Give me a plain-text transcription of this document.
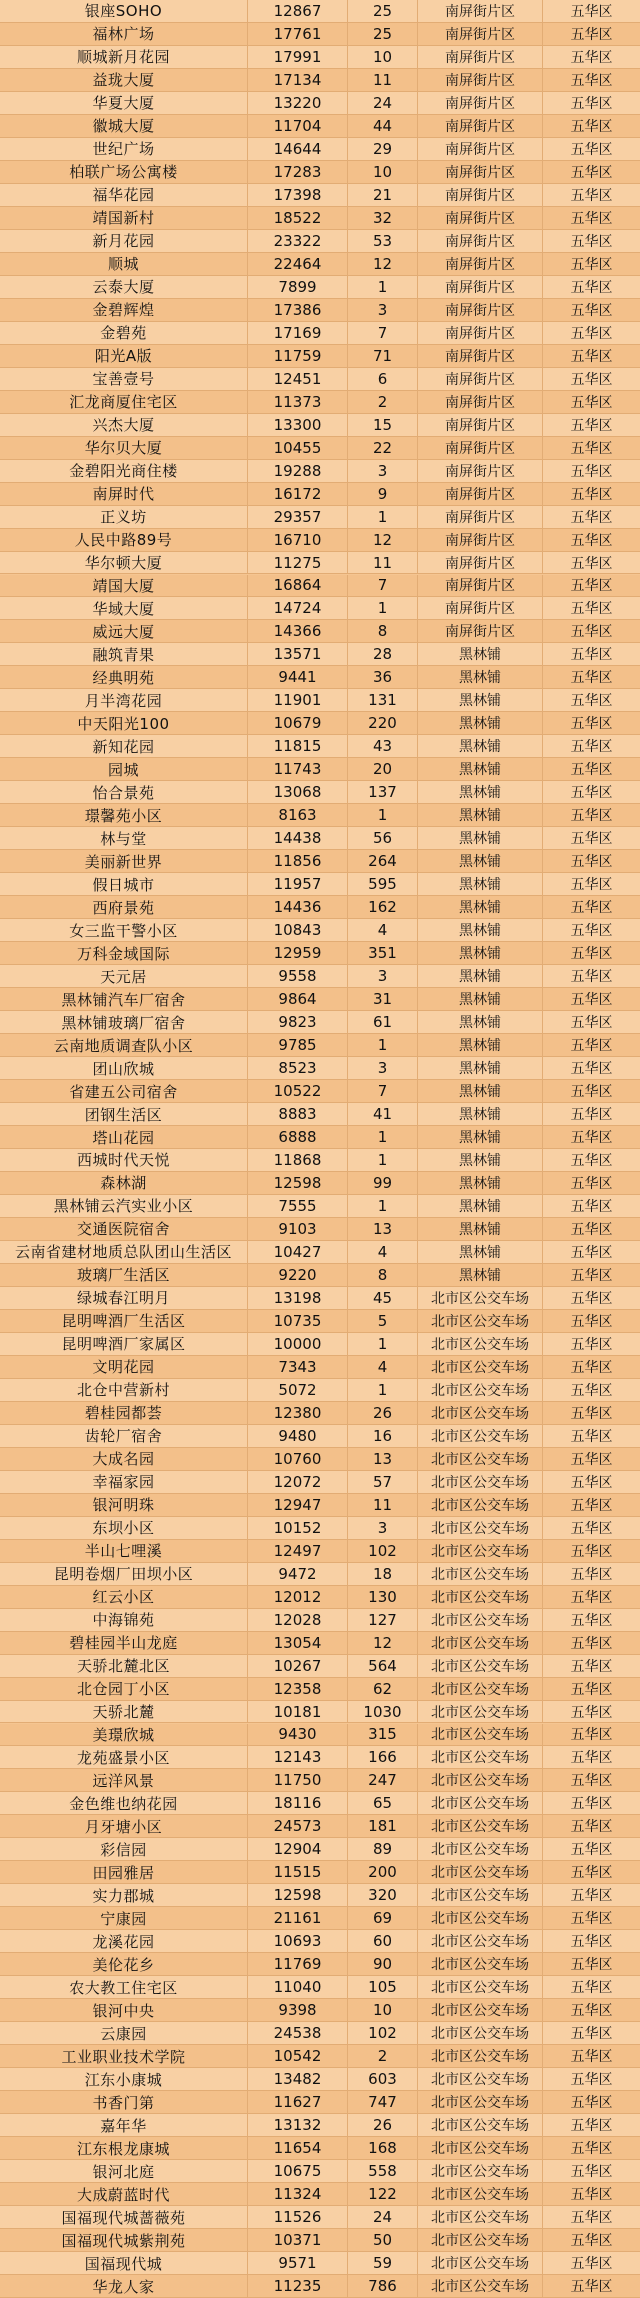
银座SOHO	12867	25	南屏街片区	五华区
福林广场	17761	25	南屏街片区	五华区
顺城新月花园	17991	10	南屏街片区	五华区
益珑大厦	17134	11	南屏街片区	五华区
华夏大厦	13220	24	南屏街片区	五华区
徽城大厦	11704	44	南屏街片区	五华区
世纪广场	14644	29	南屏街片区	五华区
柏联广场公寓楼	17283	10	南屏街片区	五华区
福华花园	17398	21	南屏街片区	五华区
靖国新村	18522	32	南屏街片区	五华区
新月花园	23322	53	南屏街片区	五华区
顺城	22464	12	南屏街片区	五华区
云泰大厦	7899	1	南屏街片区	五华区
金碧辉煌	17386	3	南屏街片区	五华区
金碧苑	17169	7	南屏街片区	五华区
阳光A版	11759	71	南屏街片区	五华区
宝善壹号	12451	6	南屏街片区	五华区
汇龙商厦住宅区	11373	2	南屏街片区	五华区
兴杰大厦	13300	15	南屏街片区	五华区
华尔贝大厦	10455	22	南屏街片区	五华区
金碧阳光商住楼	19288	3	南屏街片区	五华区
南屏时代	16172	9	南屏街片区	五华区
正义坊	29357	1	南屏街片区	五华区
人民中路89号	16710	12	南屏街片区	五华区
华尔顿大厦	11275	11	南屏街片区	五华区
靖国大厦	16864	7	南屏街片区	五华区
华域大厦	14724	1	南屏街片区	五华区
威远大厦	14366	8	南屏街片区	五华区
融筑青果	13571	28	黑林铺	五华区
经典明苑	9441	36	黑林铺	五华区
月半湾花园	11901	131	黑林铺	五华区
中天阳光100	10679	220	黑林铺	五华区
新知花园	11815	43	黑林铺	五华区
园城	11743	20	黑林铺	五华区
怡合景苑	13068	137	黑林铺	五华区
璟馨苑小区	8163	1	黑林铺	五华区
林与堂	14438	56	黑林铺	五华区
美丽新世界	11856	264	黑林铺	五华区
假日城市	11957	595	黑林铺	五华区
西府景苑	14436	162	黑林铺	五华区
女三监干警小区	10843	4	黑林铺	五华区
万科金域国际	12959	351	黑林铺	五华区
天元居	9558	3	黑林铺	五华区
黑林铺汽车厂宿舍	9864	31	黑林铺	五华区
黑林铺玻璃厂宿舍	9823	61	黑林铺	五华区
云南地质调查队小区	9785	1	黑林铺	五华区
团山欣城	8523	3	黑林铺	五华区
省建五公司宿舍	10522	7	黑林铺	五华区
团钢生活区	8883	41	黑林铺	五华区
塔山花园	6888	1	黑林铺	五华区
西城时代天悦	11868	1	黑林铺	五华区
森林湖	12598	99	黑林铺	五华区
黑林铺云汽实业小区	7555	1	黑林铺	五华区
交通医院宿舍	9103	13	黑林铺	五华区
云南省建材地质总队团山生活区	10427	4	黑林铺	五华区
玻璃厂生活区	9220	8	黑林铺	五华区
绿城春江明月	13198	45	北市区公交车场	五华区
昆明啤酒厂生活区	10735	5	北市区公交车场	五华区
昆明啤酒厂家属区	10000	1	北市区公交车场	五华区
文明花园	7343	4	北市区公交车场	五华区
北仓中营新村	5072	1	北市区公交车场	五华区
碧桂园都荟	12380	26	北市区公交车场	五华区
齿轮厂宿舍	9480	16	北市区公交车场	五华区
大成名园	10760	13	北市区公交车场	五华区
幸福家园	12072	57	北市区公交车场	五华区
银河明珠	12947	11	北市区公交车场	五华区
东坝小区	10152	3	北市区公交车场	五华区
半山七哩溪	12497	102	北市区公交车场	五华区
昆明卷烟厂田坝小区	9472	18	北市区公交车场	五华区
红云小区	12012	130	北市区公交车场	五华区
中海锦苑	12028	127	北市区公交车场	五华区
碧桂园半山龙庭	13054	12	北市区公交车场	五华区
天骄北麓北区	10267	564	北市区公交车场	五华区
北仓园丁小区	12358	62	北市区公交车场	五华区
天骄北麓	10181	1030	北市区公交车场	五华区
美璟欣城	9430	315	北市区公交车场	五华区
龙苑盛景小区	12143	166	北市区公交车场	五华区
远洋风景	11750	247	北市区公交车场	五华区
金色维也纳花园	18116	65	北市区公交车场	五华区
月牙塘小区	24573	181	北市区公交车场	五华区
彩信园	12904	89	北市区公交车场	五华区
田园雅居	11515	200	北市区公交车场	五华区
实力郡城	12598	320	北市区公交车场	五华区
宁康园	21161	69	北市区公交车场	五华区
龙溪花园	10693	60	北市区公交车场	五华区
美伦花乡	11769	90	北市区公交车场	五华区
农大教工住宅区	11040	105	北市区公交车场	五华区
银河中央	9398	10	北市区公交车场	五华区
云康园	24538	102	北市区公交车场	五华区
工业职业技术学院	10542	2	北市区公交车场	五华区
江东小康城	13482	603	北市区公交车场	五华区
书香门第	11627	747	北市区公交车场	五华区
嘉年华	13132	26	北市区公交车场	五华区
江东根龙康城	11654	168	北市区公交车场	五华区
银河北庭	10675	558	北市区公交车场	五华区
大成蔚蓝时代	11324	122	北市区公交车场	五华区
国福现代城蔷薇苑	11526	24	北市区公交车场	五华区
国福现代城紫荆苑	10371	50	北市区公交车场	五华区
国福现代城	9571	59	北市区公交车场	五华区
华龙人家	11235	786	北市区公交车场	五华区
